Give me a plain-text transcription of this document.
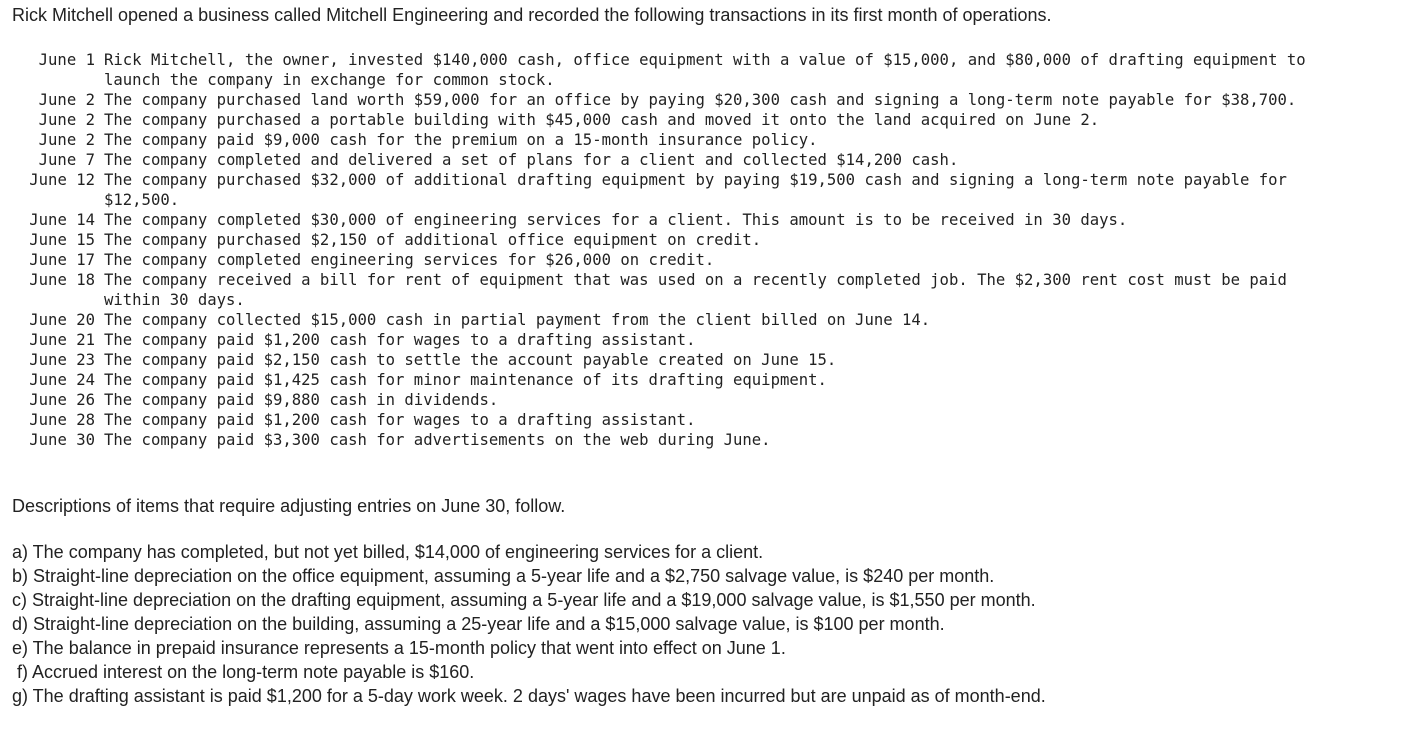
Rick Mitchell opened a business called Mitchell Engineering and recorded the following transactions in its first month of operations.
June 1 Rick Mitchell, the owner, invested $140,000 cash, office equipment with a value of $15,000, and $80,000 of drafting equipment to launch the company in exchange for common stock.
June 2 The company purchased land worth $59,000 for an office by paying $20,300 cash and signing a long-term note payable for $38,700.
June 2 The company purchased a portable building with $45,000 cash and moved it onto the land acquired on June 2.
June 2 The company paid $9,000 cash for the premium on a 15-month insurance policy.
June 7 The company completed and delivered a set of plans for a client and collected $14,200 cash.
June 12 The company purchased $32,000 of additional drafting equipment by paying $19,500 cash and signing a long-term note payable for $12,500.
June 14 The company completed $30,000 of engineering services for a client. This amount is to be received in 30 days.
June 15 The company purchased $2,150 of additional office equipment on credit.
June 17 The company completed engineering services for $26,000 on credit.
June 18 The company received a bill for rent of equipment that was used on a recently completed job. The $2,300 rent cost must be paid within 30 days.
June 20 The company collected $15,000 cash in partial payment from the client billed on June 14.
June 21 The company paid $1,200 cash for wages to a drafting assistant.
June 23 The company paid $2,150 cash to settle the account payable created on June 15.
June 24 The company paid $1,425 cash for minor maintenance of its drafting equipment.
June 26 The company paid $9,880 cash in dividends.
June 28 The company paid $1,200 cash for wages to a drafting assistant.
June 30 The company paid $3,300 cash for advertisements on the web during June.
Descriptions of items that require adjusting entries on June 30, follow.
a) The company has completed, but not yet billed, $14,000 of engineering services for a client.
b) Straight-line depreciation on the office equipment, assuming a 5-year life and a $2,750 salvage value, is $240 per month.
c) Straight-line depreciation on the drafting equipment, assuming a 5-year life and a $19,000 salvage value, is $1,550 per month.
d) Straight-line depreciation on the building, assuming a 25-year life and a $15,000 salvage value, is $100 per month.
e) The balance in prepaid insurance represents a 15-month policy that went into effect on June 1.
f) Accrued interest on the long-term note payable is $160.
g) The drafting assistant is paid $1,200 for a 5-day work week. 2 days' wages have been incurred but are unpaid as of month-end.
